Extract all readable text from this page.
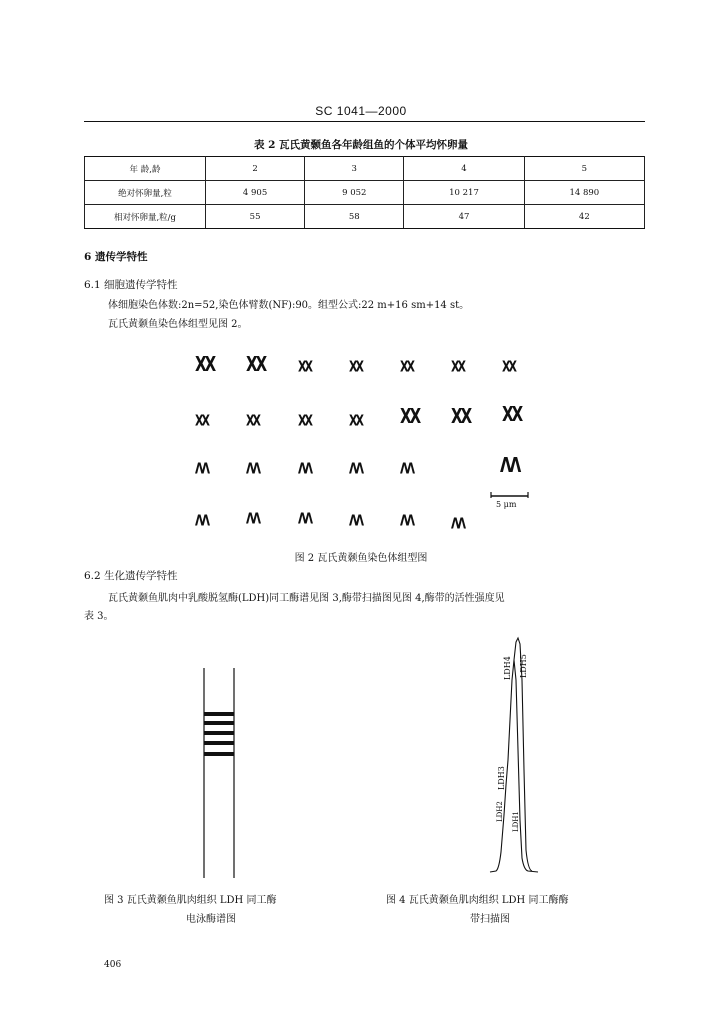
SC 1041—2000
表 2 瓦氏黄颡鱼各年龄组鱼的个体平均怀卵量
年 龄,龄	2	3	4	5
绝对怀卵量,粒	4 905	9 052	10 217	14 890
相对怀卵量,粒/g	55	58	47	42
6 遗传学特性
6.1 细胞遗传学特性
体细胞染色体数:2n=52,染色体臂数(NF):90。组型公式:22 m+16 sm+14 st。
瓦氏黄颡鱼染色体组型见图 2。
XX XX	XX	XX	XX	XX	XX
XX	XX	XX	XX	XX XX XX
ΛΛ	ΛΛ	ΛΛ	ΛΛ	ΛΛ	ΛΛ
ΛΛ	ΛΛ	ΛΛ	ΛΛ	ΛΛ	ΛΛ
5 μm
图 2 瓦氏黄颡鱼染色体组型图
6.2 生化遗传学特性
瓦氏黄颡鱼肌肉中乳酸脱氢酶(LDH)同工酶谱见图 3,酶带扫描图见图 4,酶带的活性强度见
表 3。
图 3 瓦氏黄颡鱼肌肉组织 LDH 同工酶
电泳酶谱图
LDH4 LDH5
LDH3
LDH2 LDH1
图 4 瓦氏黄颡鱼肌肉组织 LDH 同工酶酶
带扫描图
406
